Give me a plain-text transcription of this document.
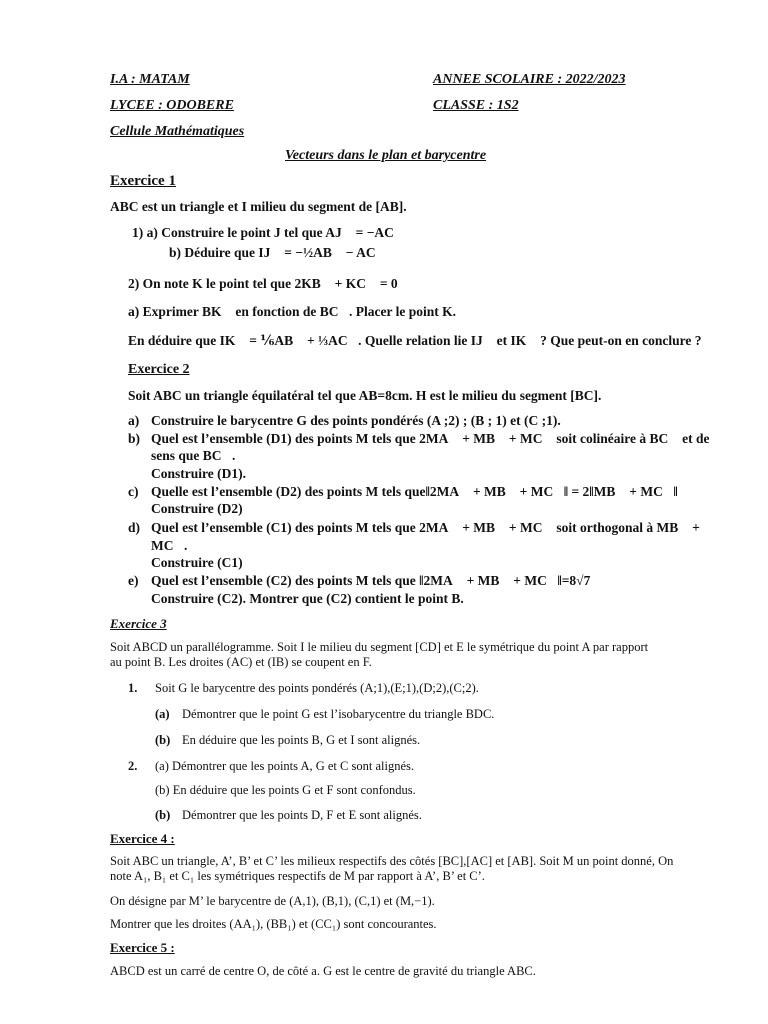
I.A : MATAM	ANNEE SCOLAIRE : 2022/2023
LYCEE : ODOBERE	CLASSE : 1S2
Cellule Mathématiques
Vecteurs dans le plan et barycentre
Exercice 1
ABC est un triangle et I milieu du segment de [AB].
1) a) Construire le point J tel que AJ⃗ = −AC⃗
b) Déduire que IJ⃗ = −½AB⃗ − AC⃗
2) On note K le point tel que 2KB⃗ + KC⃗ = 0⃗
a) Exprimer BK⃗ en fonction de BC⃗. Placer le point K.
En déduire que IK⃗ = ⅙AB⃗ + ⅓AC⃗. Quelle relation lie IJ⃗ et IK⃗ ? Que peut-on en conclure ?
Exercice 2
Soit ABC un triangle équilatéral tel que AB=8cm. H est le milieu du segment [BC].
a) Construire le barycentre G des points pondérés (A ;2) ; (B ; 1) et (C ;1).
b) Quel est l’ensemble (D1) des points M tels que 2MA⃗ + MB⃗ + MC⃗ soit colinéaire à BC⃗ et de
sens que BC⃗.
Construire (D1).
c) Quelle est l’ensemble (D2) des points M tels que‖2MA⃗ + MB⃗ + MC⃗‖ = 2‖MB⃗ + MC⃗‖
Construire (D2)
d) Quel est l’ensemble (C1) des points M tels que 2MA⃗ + MB⃗ + MC⃗ soit orthogonal à MB⃗ +
MC⃗.
Construire (C1)
e) Quel est l’ensemble (C2) des points M tels que ‖2MA⃗ + MB⃗ + MC⃗‖=8√7
Construire (C2). Montrer que (C2) contient le point B.
Exercice 3
Soit ABCD un parallélogramme. Soit I le milieu du segment [CD] et E le symétrique du point A par rapport
au point B. Les droites (AC) et (IB) se coupent en F.
1. Soit G le barycentre des points pondérés (A;1),(E;1),(D;2),(C;2).
(a) Démontrer que le point G est l’isobarycentre du triangle BDC.
(b) En déduire que les points B, G et I sont alignés.
2. (a) Démontrer que les points A, G et C sont alignés.
(b) En déduire que les points G et F sont confondus.
(b) Démontrer que les points D, F et E sont alignés.
Exercice 4 :
Soit ABC un triangle, A’, B’ et C’ les milieux respectifs des côtés [BC],[AC] et [AB]. Soit M un point donné, On
note A₁, B₁ et C₁ les symétriques respectifs de M par rapport à A’, B’ et C’.
On désigne par M’ le barycentre de (A,1), (B,1), (C,1) et (M,−1).
Montrer que les droites (AA₁), (BB₁) et (CC₁) sont concourantes.
Exercice 5 :
ABCD est un carré de centre O, de côté a. G est le centre de gravité du triangle ABC.
